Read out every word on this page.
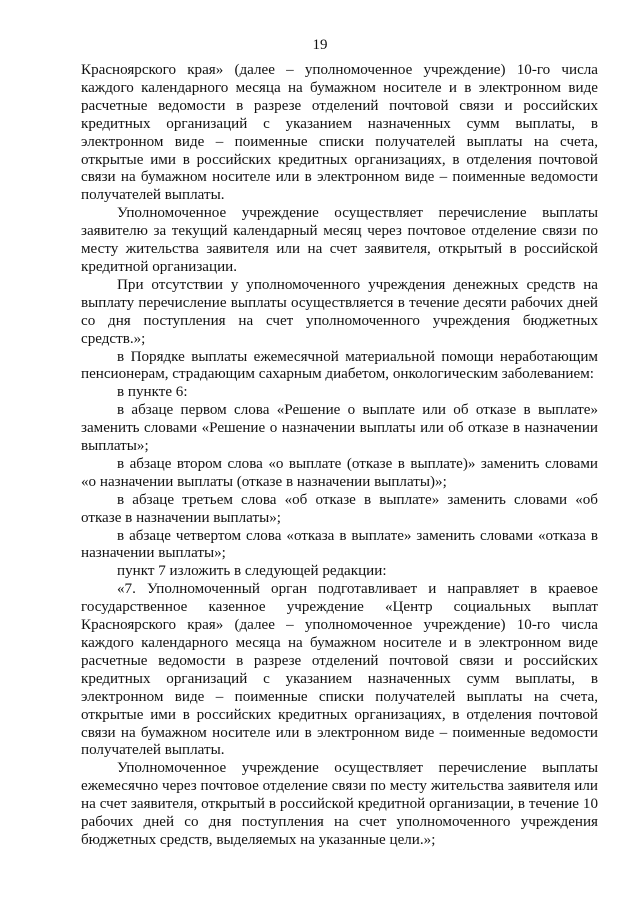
19

Красноярского края» (далее – уполномоченное учреждение) 10-го числа каждого календарного месяца на бумажном носителе и в электронном виде расчетные ведомости в разрезе отделений почтовой связи и российских кредитных организаций с указанием назначенных сумм выплаты, в электронном виде – поименные списки получателей выплаты на счета, открытые ими в российских кредитных организациях, в отделения почтовой связи на бумажном носителе или в электронном виде – поименные ведомости получателей выплаты.

Уполномоченное учреждение осуществляет перечисление выплаты заявителю за текущий календарный месяц через почтовое отделение связи по месту жительства заявителя или на счет заявителя, открытый в российской кредитной организации.

При отсутствии у уполномоченного учреждения денежных средств на выплату перечисление выплаты осуществляется в течение десяти рабочих дней со дня поступления на счет уполномоченного учреждения бюджетных средств.»;

в Порядке выплаты ежемесячной материальной помощи неработающим пенсионерам, страдающим сахарным диабетом, онкологическим заболеванием:

в пункте 6:

в абзаце первом слова «Решение о выплате или об отказе в выплате» заменить словами «Решение о назначении выплаты или об отказе в назначении выплаты»;

в абзаце втором слова «о выплате (отказе в выплате)» заменить словами «о назначении выплаты (отказе в назначении выплаты)»;

в абзаце третьем слова «об отказе в выплате» заменить словами «об отказе в назначении выплаты»;

в абзаце четвертом слова «отказа в выплате» заменить словами «отказа в назначении выплаты»;

пункт 7 изложить в следующей редакции:

«7. Уполномоченный орган подготавливает и направляет в краевое государственное казенное учреждение «Центр социальных выплат Красноярского края» (далее – уполномоченное учреждение) 10-го числа каждого календарного месяца на бумажном носителе и в электронном виде расчетные ведомости в разрезе отделений почтовой связи и российских кредитных организаций с указанием назначенных сумм выплаты, в электронном виде – поименные списки получателей выплаты на счета, открытые ими в российских кредитных организациях, в отделения почтовой связи на бумажном носителе или в электронном виде – поименные ведомости получателей выплаты.

Уполномоченное учреждение осуществляет перечисление выплаты ежемесячно через почтовое отделение связи по месту жительства заявителя или на счет заявителя, открытый в российской кредитной организации, в течение 10 рабочих дней со дня поступления на счет уполномоченного учреждения бюджетных средств, выделяемых на указанные цели.»;
